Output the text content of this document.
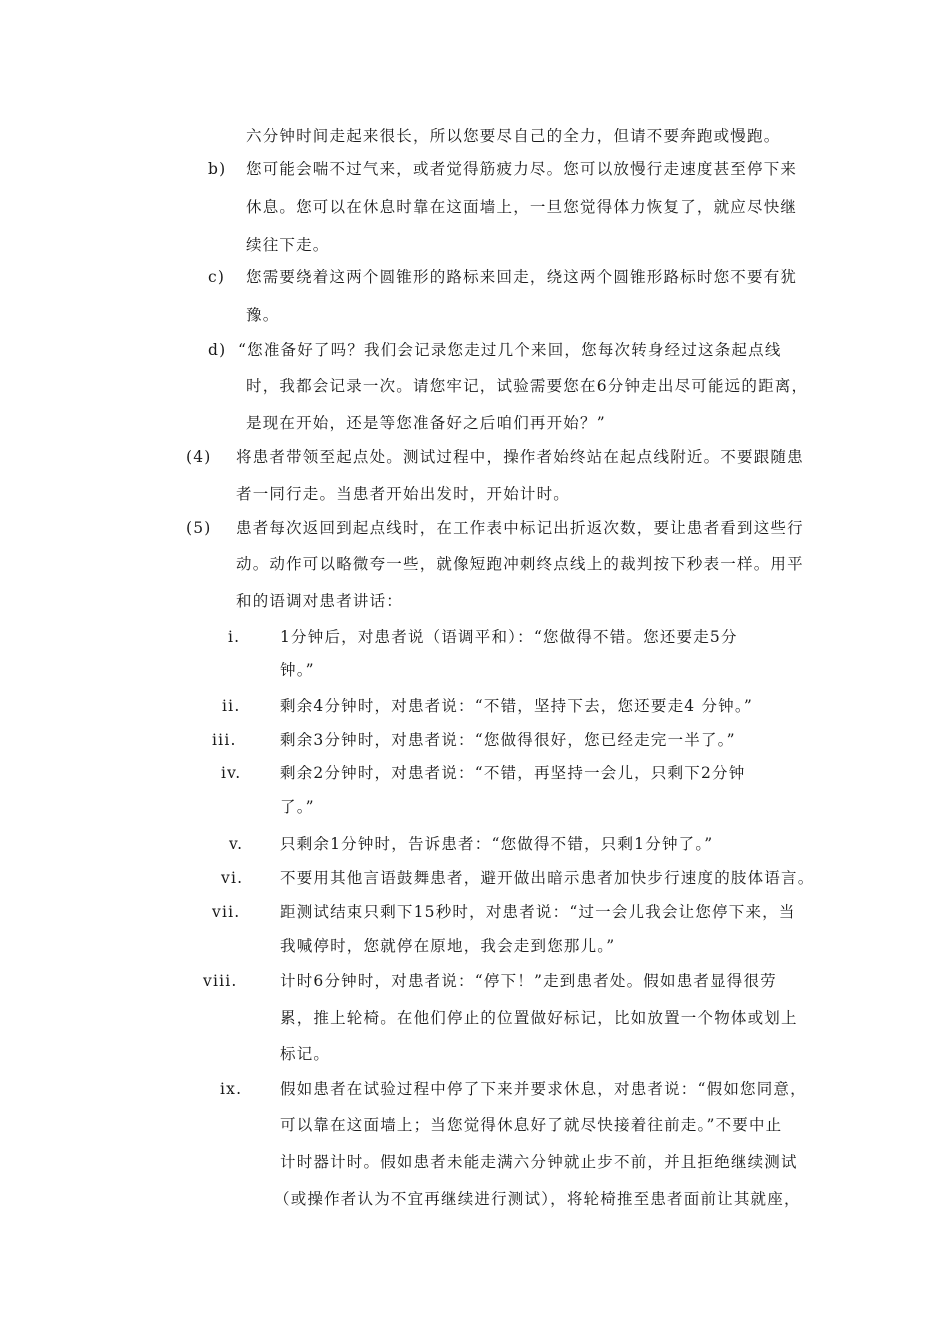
六分钟时间走起来很长，所以您要尽自己的全力，但请不要奔跑或慢跑。
b) 您可能会喘不过气来，或者觉得筋疲力尽。您可以放慢行走速度甚至停下来
休息。您可以在休息时靠在这面墙上，一旦您觉得体力恢复了，就应尽快继
续往下走。
c) 您需要绕着这两个圆锥形的路标来回走，绕这两个圆锥形路标时您不要有犹
豫。
d) “您准备好了吗？我们会记录您走过几个来回，您每次转身经过这条起点线
时，我都会记录一次。请您牢记，试验需要您在6分钟走出尽可能远的距离，
是现在开始，还是等您准备好之后咱们再开始？”
(4) 将患者带领至起点处。测试过程中，操作者始终站在起点线附近。不要跟随患
者一同行走。当患者开始出发时，开始计时。
(5) 患者每次返回到起点线时，在工作表中标记出折返次数，要让患者看到这些行
动。动作可以略微夸一些，就像短跑冲刺终点线上的裁判按下秒表一样。用平
和的语调对患者讲话：
i.	1分钟后，对患者说（语调平和）：“您做得不错。您还要走5分
钟。”
ii.	剩余4分钟时，对患者说：“不错，坚持下去，您还要走4 分钟。”
iii.	剩余3分钟时，对患者说：“您做得很好，您已经走完一半了。”
iv. 剩余2分钟时，对患者说：“不错，再坚持一会儿，只剩下2分钟
了。”
v. 只剩余1分钟时，告诉患者：“您做得不错，只剩1分钟了。”
vi. 不要用其他言语鼓舞患者，避开做出暗示患者加快步行速度的肢体语言。
vii.	距测试结束只剩下15秒时，对患者说：“过一会儿我会让您停下来，当
我喊停时，您就停在原地，我会走到您那儿。”
viii.	计时6分钟时，对患者说：“停下！”走到患者处。假如患者显得很劳
累，推上轮椅。在他们停止的位置做好标记，比如放置一个物体或划上
标记。
ix. 假如患者在试验过程中停了下来并要求休息，对患者说：“假如您同意，
可以靠在这面墙上；当您觉得休息好了就尽快接着往前走。”不要中止
计时器计时。假如患者未能走满六分钟就止步不前，并且拒绝继续测试
（或操作者认为不宜再继续进行测试），将轮椅推至患者面前让其就座，
